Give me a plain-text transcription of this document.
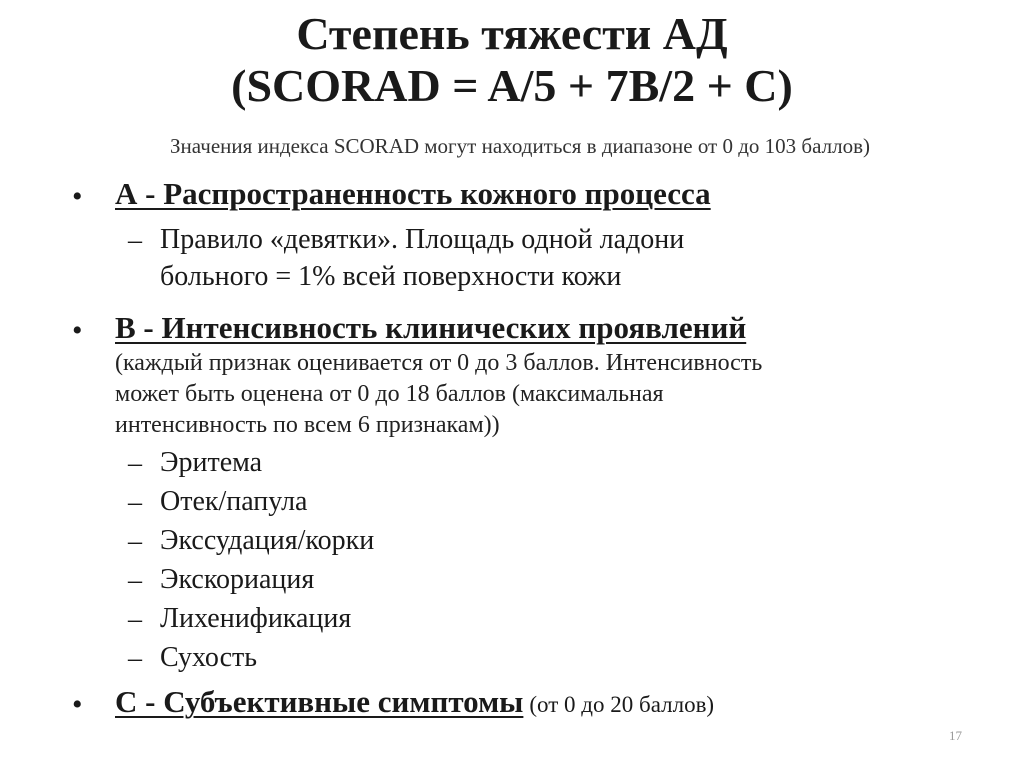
Степень тяжести АД
(SCORAD = A/5 + 7B/2 + C)
Значения индекса SCORAD могут находиться в диапазоне от 0 до 103 баллов)
•	А - Распространенность кожного процесса
– Правило «девятки». Площадь одной ладони
больного = 1% всей поверхности кожи
•	В - Интенсивность клинических проявлений
(каждый признак оценивается от 0 до 3 баллов. Интенсивность
может быть оценена от 0 до 18 баллов (максимальная
интенсивность по всем 6 признакам))
– Эритема
– Отек/папула
– Экссудация/корки
– Экскориация
– Лихенификация
– Сухость
•	С - Субъективные симптомы (от 0 до 20 баллов)
17
